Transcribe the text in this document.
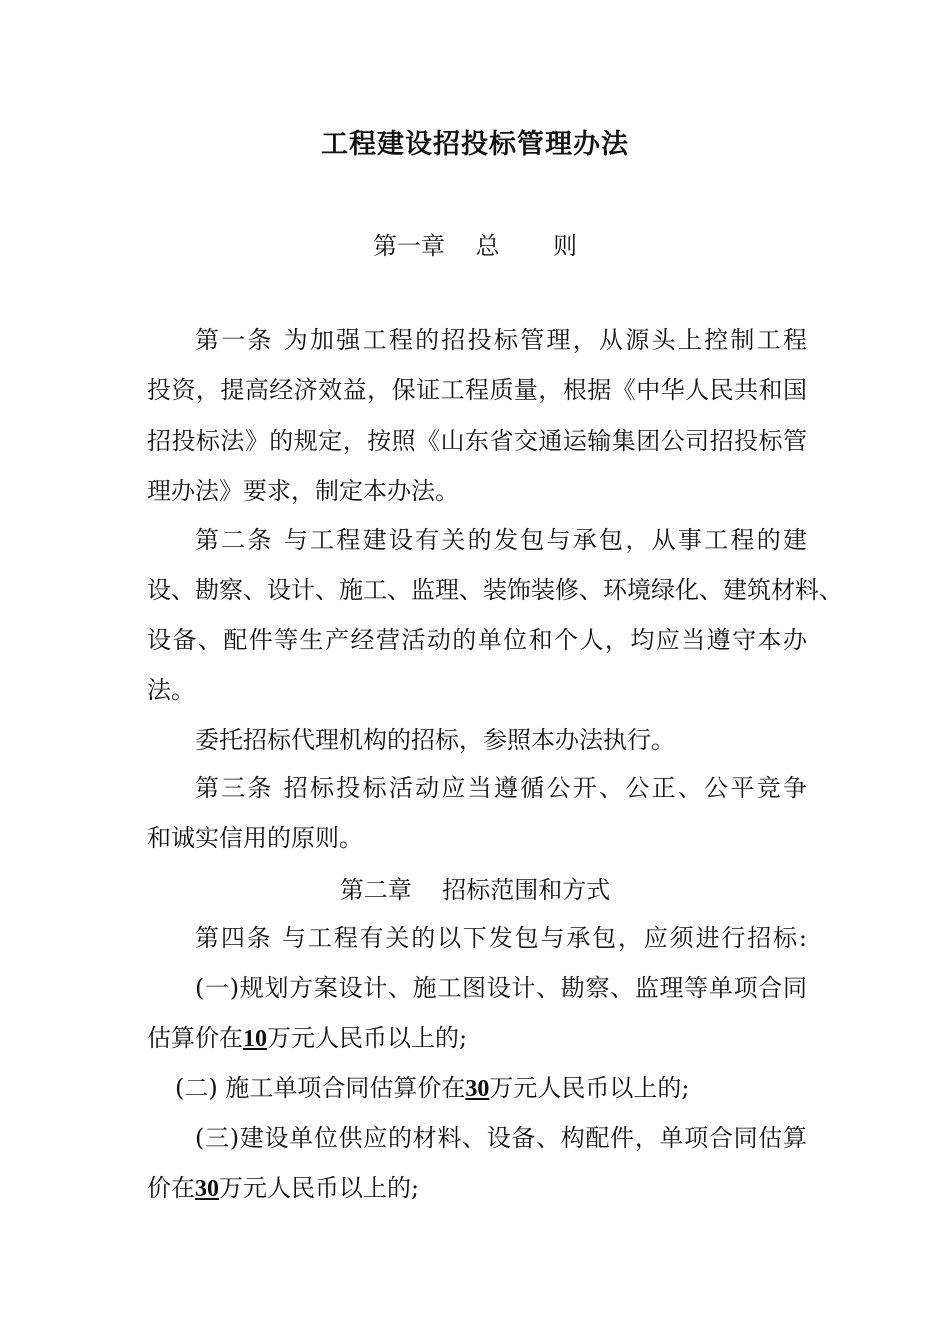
工程建设招投标管理办法
第一章    总       则
第一条 为加强工程的招投标管理，从源头上控制工程
投资，提高经济效益，保证工程质量，根据《中华人民共和国
招投标法》的规定，按照《山东省交通运输集团公司招投标管
理办法》要求，制定本办法。
第二条 与工程建设有关的发包与承包，从事工程的建
设、勘察、设计、施工、监理、装饰装修、环境绿化、建筑材料、
设备、配件等生产经营活动的单位和个人，均应当遵守本办
法。
委托招标代理机构的招标，参照本办法执行。
第三条 招标投标活动应当遵循公开、公正、公平竞争
和诚实信用的原则。
第二章    招标范围和方式
第四条 与工程有关的以下发包与承包，应须进行招标:
(一)规划方案设计、施工图设计、勘察、监理等单项合同
估算价在10万元人民币以上的;
(二) 施工单项合同估算价在30万元人民币以上的;
(三)建设单位供应的材料、设备、构配件，单项合同估算
价在30万元人民币以上的;
